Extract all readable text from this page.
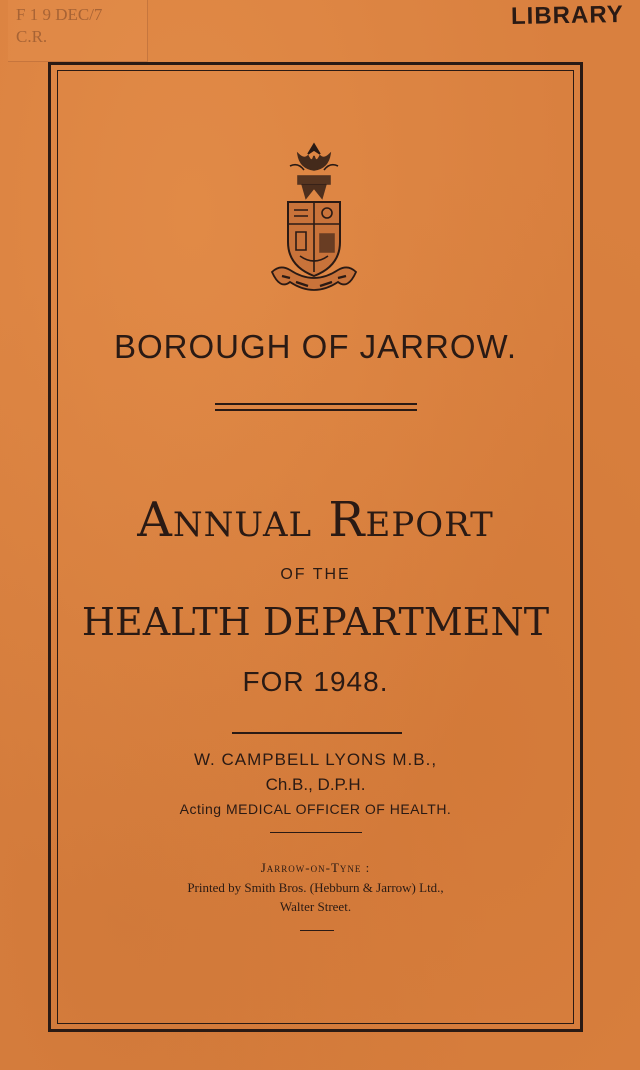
F 1 9 DEC/7
C.R.
LIBRARY
BOROUGH OF JARROW.
Annual Report
OF THE
HEALTH DEPARTMENT
FOR 1948.
W. CAMPBELL LYONS M.B.,
Ch.B., D.P.H.
Acting MEDICAL OFFICER OF HEALTH.
Jarrow-on-Tyne :
Printed by Smith Bros. (Hebburn & Jarrow) Ltd.,
Walter Street.
